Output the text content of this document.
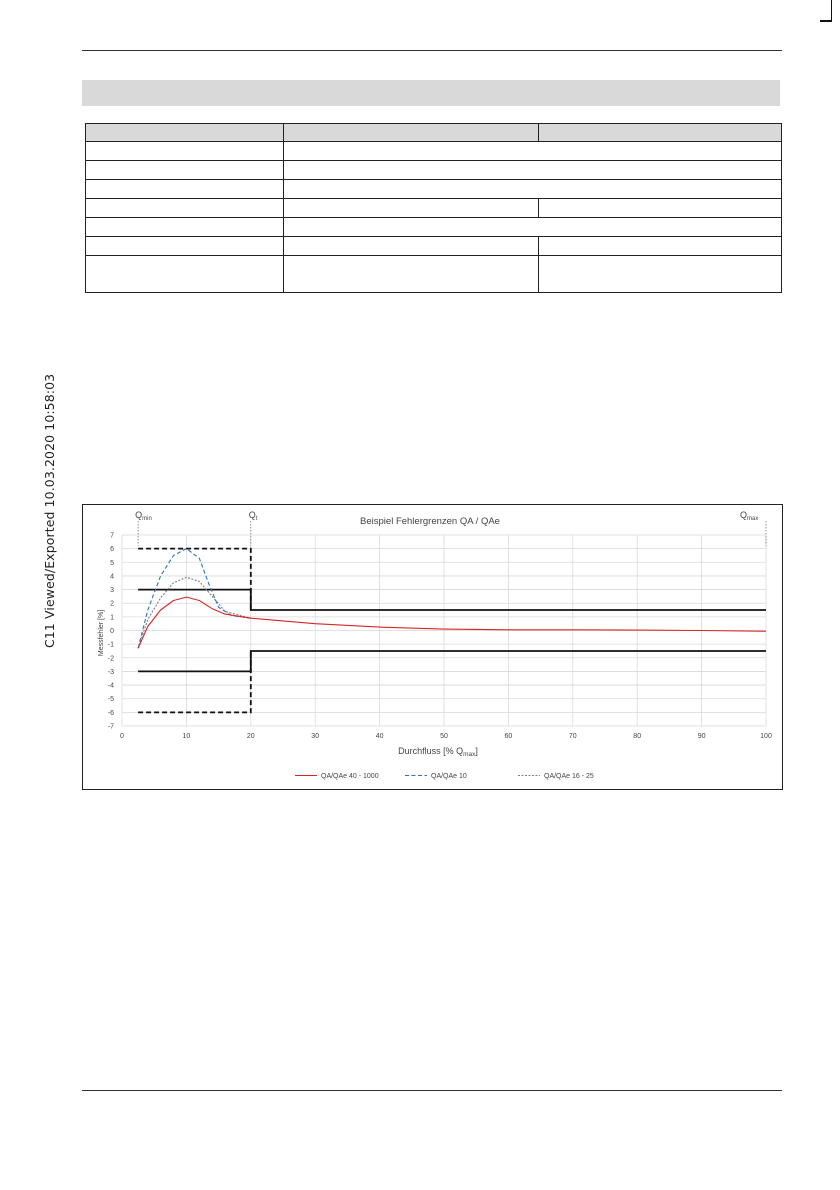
C11 Viewed/Exported 10.03.2020 10:58:03

			7
6
5
4
3
2
1
0
-1
-2
-3
-4
-5
-6
-7
0	10	20	30	40	50	60	70	80	90	100
$Q_{min}$	$Q_t$	$Q_{max}$
Beispiel Fehlergrenzen QA / QAe
Messfehler [%]
Durchfluss [% $Q_{max}$]
QA/QAe 40 - 1000	QA/QAe 10	QA/QAe 16 - 25
